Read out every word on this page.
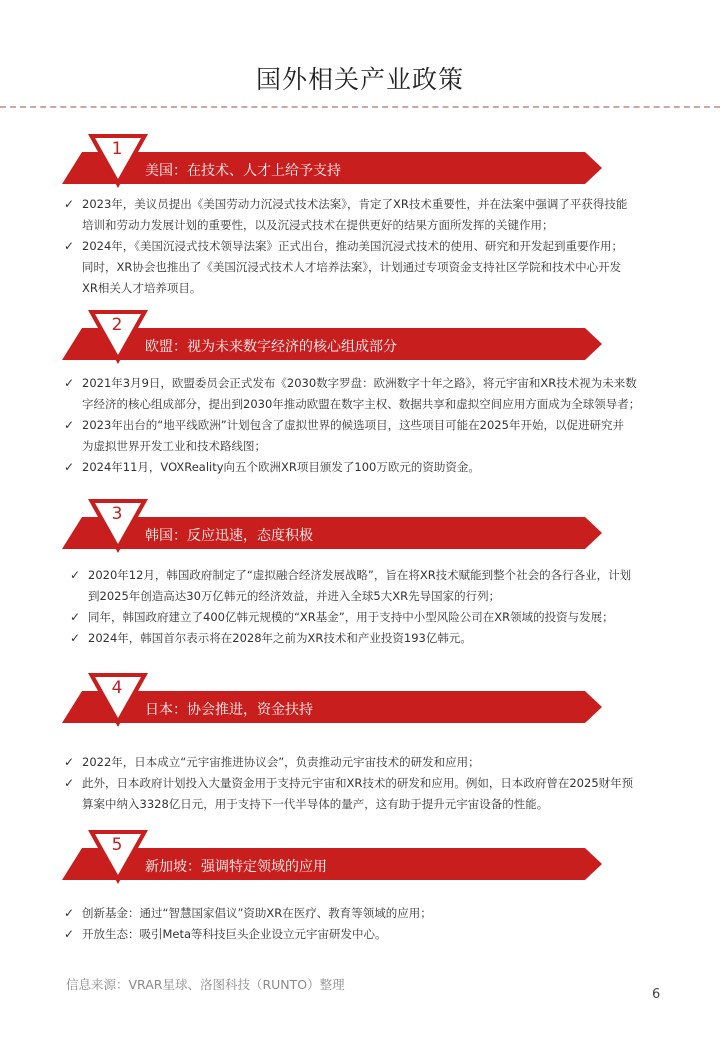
国外相关产业政策
1
美国：在技术、人才上给予支持
✓ 2023年，美议员提出《美国劳动力沉浸式技术法案》，肯定了XR技术重要性，并在法案中强调了平获得技能
培训和劳动力发展计划的重要性，以及沉浸式技术在提供更好的结果方面所发挥的关键作用；
✓ 2024年，《美国沉浸式技术领导法案》正式出台，推动美国沉浸式技术的使用、研究和开发起到重要作用；
同时，XR协会也推出了《美国沉浸式技术人才培养法案》，计划通过专项资金支持社区学院和技术中心开发
XR相关人才培养项目。
2
欧盟：视为未来数字经济的核心组成部分
✓ 2021年3月9日，欧盟委员会正式发布《2030数字罗盘：欧洲数字十年之路》，将元宇宙和XR技术视为未来数
字经济的核心组成部分，提出到2030年推动欧盟在数字主权、数据共享和虚拟空间应用方面成为全球领导者；
✓ 2023年出台的“地平线欧洲”计划包含了虚拟世界的候选项目，这些项目可能在2025年开始，以促进研究并
为虚拟世界开发工业和技术路线图；
✓ 2024年11月，VOXReality向五个欧洲XR项目颁发了100万欧元的资助资金。
3
韩国：反应迅速，态度积极
✓ 2020年12月，韩国政府制定了“虚拟融合经济发展战略”，旨在将XR技术赋能到整个社会的各行各业，计划
到2025年创造高达30万亿韩元的经济效益，并进入全球5大XR先导国家的行列；
✓ 同年，韩国政府建立了400亿韩元规模的“XR基金”，用于支持中小型风险公司在XR领域的投资与发展；
✓ 2024年，韩国首尔表示将在2028年之前为XR技术和产业投资193亿韩元。
4
日本：协会推进，资金扶持
✓ 2022年，日本成立“元宇宙推进协议会”，负责推动元宇宙技术的研发和应用；
✓ 此外，日本政府计划投入大量资金用于支持元宇宙和XR技术的研发和应用。例如，日本政府曾在2025财年预
算案中纳入3328亿日元，用于支持下一代半导体的量产，这有助于提升元宇宙设备的性能。
5
新加坡：强调特定领域的应用
✓ 创新基金：通过“智慧国家倡议”资助XR在医疗、教育等领域的应用；
✓ 开放生态：吸引Meta等科技巨头企业设立元宇宙研发中心。
信息来源：VRAR星球、洛图科技（RUNTO）整理
6
